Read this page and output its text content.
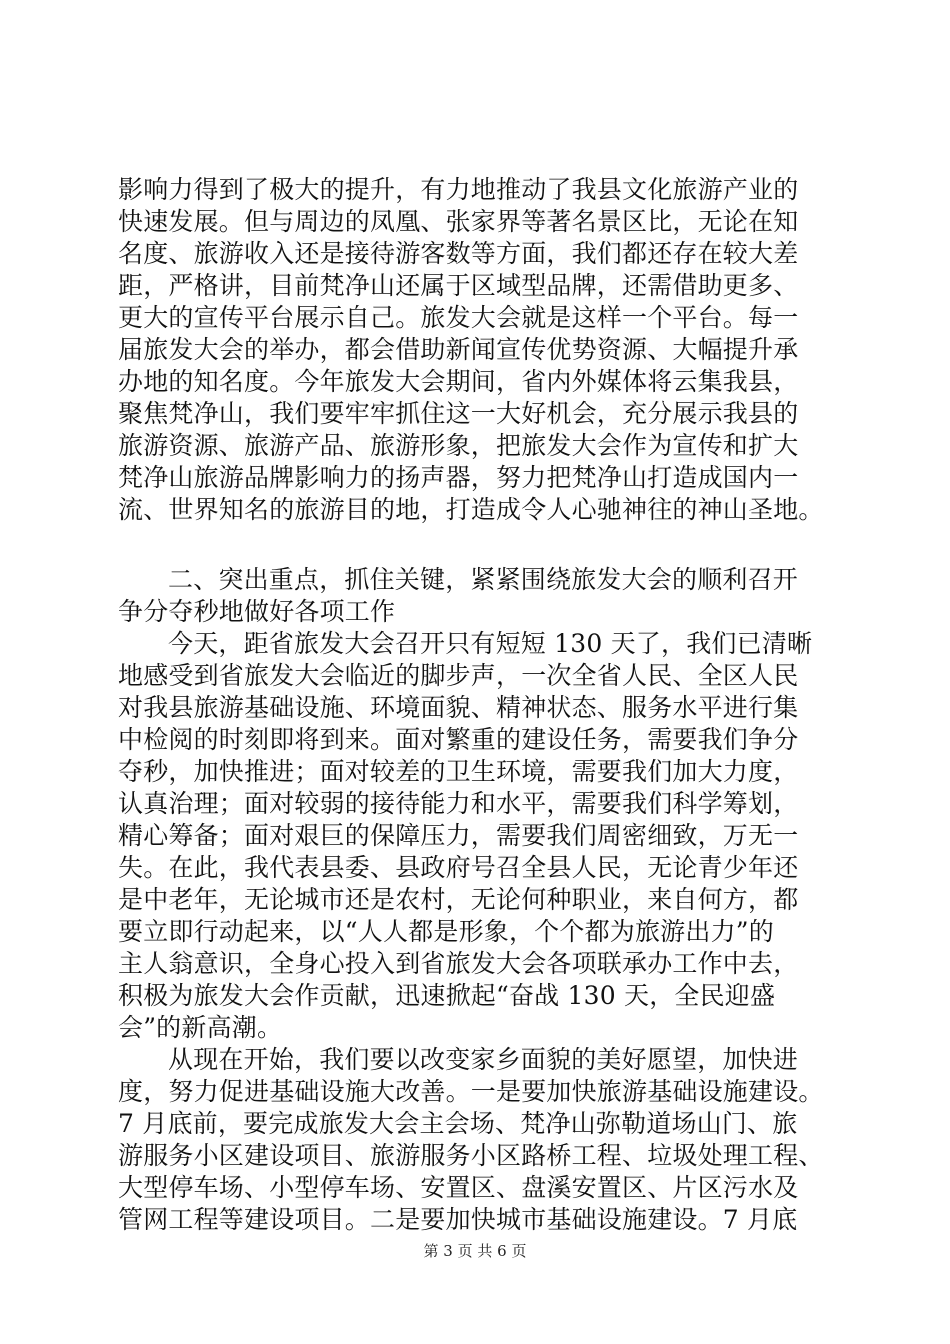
影响力得到了极大的提升，有力地推动了我县文化旅游产业的
快速发展。但与周边的凤凰、张家界等著名景区比，无论在知
名度、旅游收入还是接待游客数等方面，我们都还存在较大差
距，严格讲，目前梵净山还属于区域型品牌，还需借助更多、
更大的宣传平台展示自己。旅发大会就是这样一个平台。每一
届旅发大会的举办，都会借助新闻宣传优势资源、大幅提升承
办地的知名度。今年旅发大会期间，省内外媒体将云集我县，
聚焦梵净山，我们要牢牢抓住这一大好机会，充分展示我县的
旅游资源、旅游产品、旅游形象，把旅发大会作为宣传和扩大
梵净山旅游品牌影响力的扬声器，努力把梵净山打造成国内一
流、世界知名的旅游目的地，打造成令人心驰神往的神山圣地。
二、突出重点，抓住关键，紧紧围绕旅发大会的顺利召开
争分夺秒地做好各项工作
今天，距省旅发大会召开只有短短 130 天了，我们已清晰
地感受到省旅发大会临近的脚步声，一次全省人民、全区人民
对我县旅游基础设施、环境面貌、精神状态、服务水平进行集
中检阅的时刻即将到来。面对繁重的建设任务，需要我们争分
夺秒，加快推进；面对较差的卫生环境，需要我们加大力度，
认真治理；面对较弱的接待能力和水平，需要我们科学筹划，
精心筹备；面对艰巨的保障压力，需要我们周密细致，万无一
失。在此，我代表县委、县政府号召全县人民，无论青少年还
是中老年，无论城市还是农村，无论何种职业，来自何方，都
要立即行动起来，以“人人都是形象，个个都为旅游出力”的
主人翁意识，全身心投入到省旅发大会各项联承办工作中去，
积极为旅发大会作贡献，迅速掀起“奋战 130 天，全民迎盛
会”的新高潮。
从现在开始，我们要以改变家乡面貌的美好愿望，加快进
度，努力促进基础设施大改善。一是要加快旅游基础设施建设。
7 月底前，要完成旅发大会主会场、梵净山弥勒道场山门、旅
游服务小区建设项目、旅游服务小区路桥工程、垃圾处理工程、
大型停车场、小型停车场、安置区、盘溪安置区、片区污水及
管网工程等建设项目。二是要加快城市基础设施建设。7 月底
第 3 页 共 6 页
